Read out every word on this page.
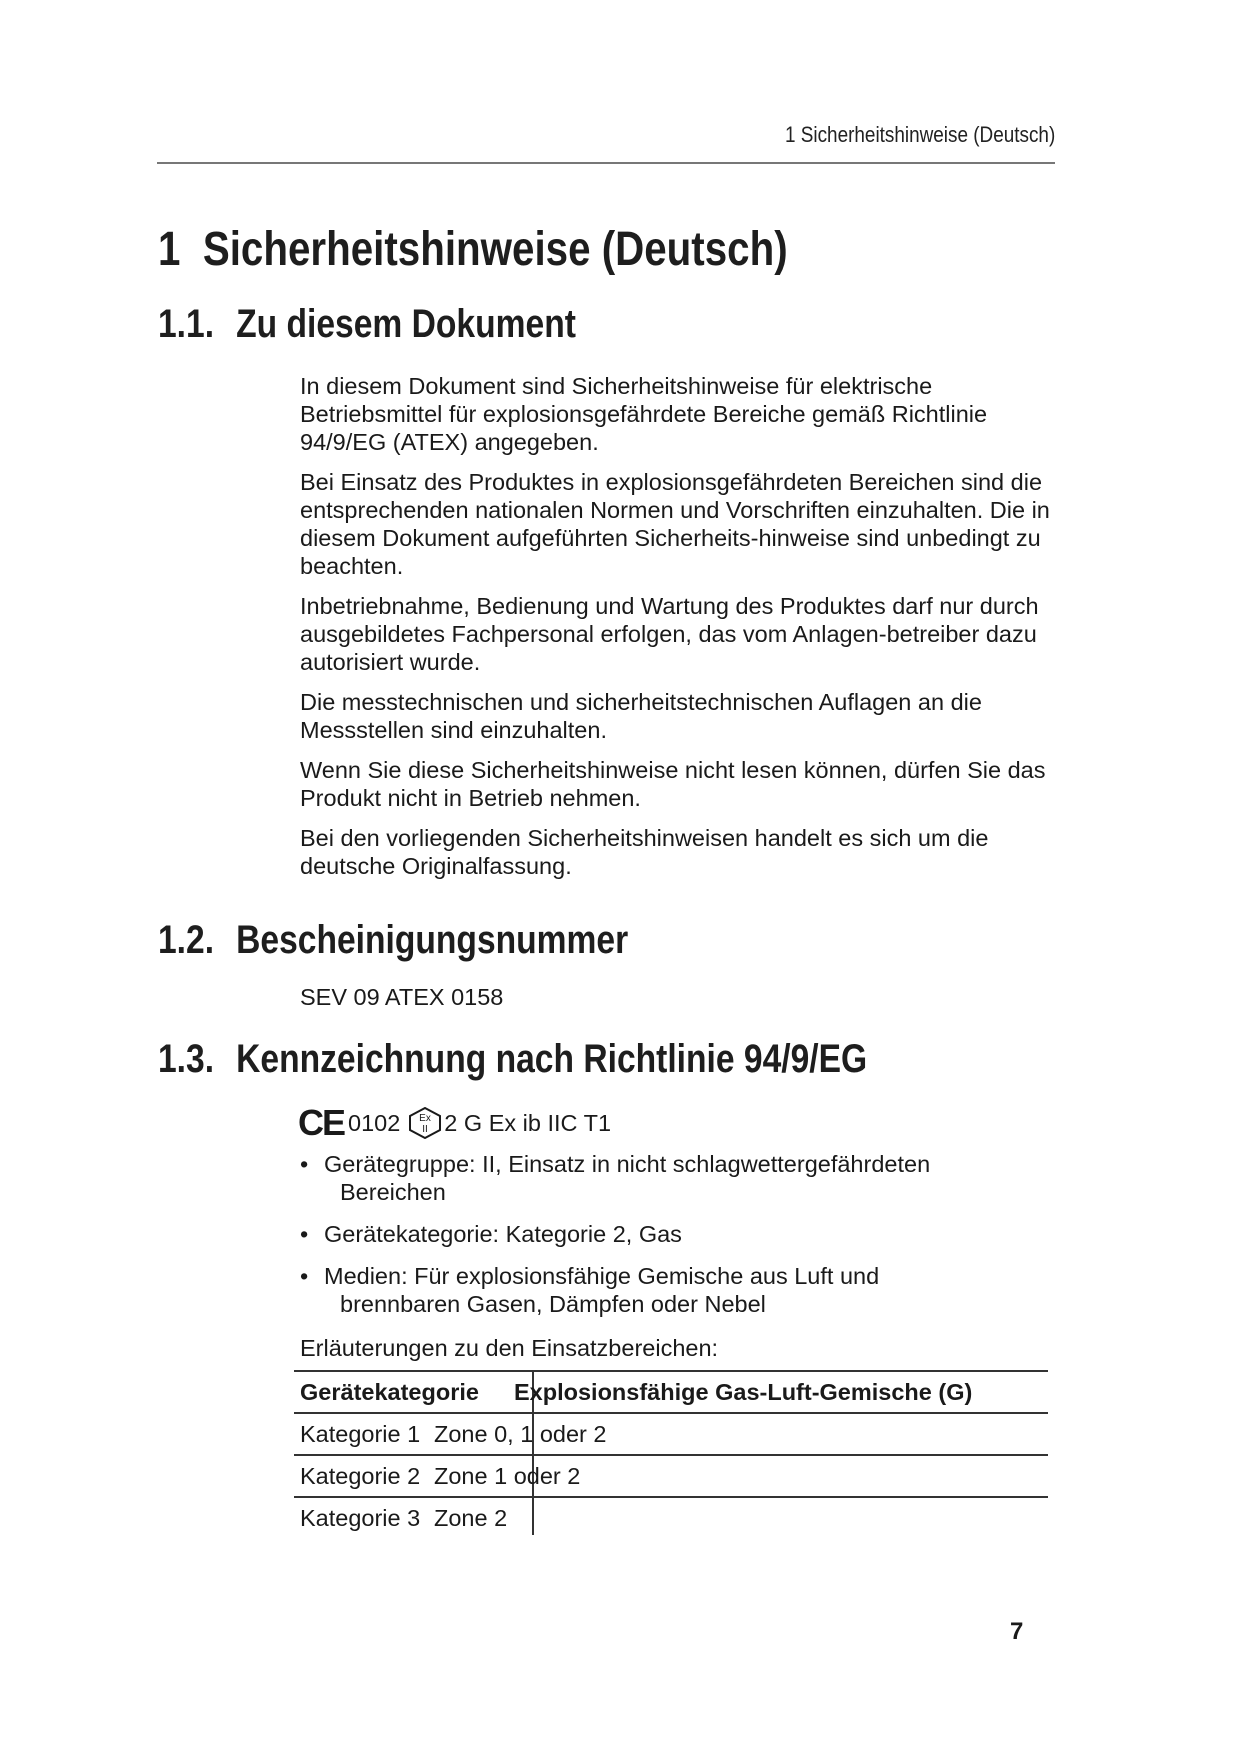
1 Sicherheitshinweise (Deutsch)
1 Sicherheitshinweise (Deutsch)
1.1. Zu diesem Dokument

In diesem Dokument sind Sicherheitshinweise für elektrische Betriebsmittel für explosionsgefährdete Bereiche gemäß Richtlinie 94/9/EG (ATEX) angegeben.

Bei Einsatz des Produktes in explosionsgefährdeten Bereichen sind die entsprechenden nationalen Normen und Vorschriften einzuhalten. Die in diesem Dokument aufgeführten Sicherheits-hinweise sind unbedingt zu beachten.

Inbetriebnahme, Bedienung und Wartung des Produktes darf nur durch ausgebildetes Fachpersonal erfolgen, das vom Anlagen-betreiber dazu autorisiert wurde.

Die messtechnischen und sicherheitstechnischen Auflagen an die Messstellen sind einzuhalten.

Wenn Sie diese Sicherheitshinweise nicht lesen können, dürfen Sie das Produkt nicht in Betrieb nehmen.

Bei den vorliegenden Sicherheitshinweisen handelt es sich um die deutsche Originalfassung.

1.2. Bescheinigungsnummer
SEV 09 ATEX 0158
1.3. Kennzeichnung nach Richtlinie 94/9/EG
CE 0102 Ex
II 2 G Ex ib IIC T1
• Gerätegruppe: II, Einsatz in nicht schlagwettergefährdeten
Bereichen
• Gerätekategorie: Kategorie 2, Gas
• Medien: Für explosionsfähige Gemische aus Luft und
brennbaren Gasen, Dämpfen oder Nebel
Erläuterungen zu den Einsatzbereichen:
Gerätekategorie Explosionsfähige Gas-Luft-Gemische (G)
Kategorie 1 Zone 0, 1 oder 2
Kategorie 2 Zone 1 oder 2
Kategorie 3 Zone 2
7
